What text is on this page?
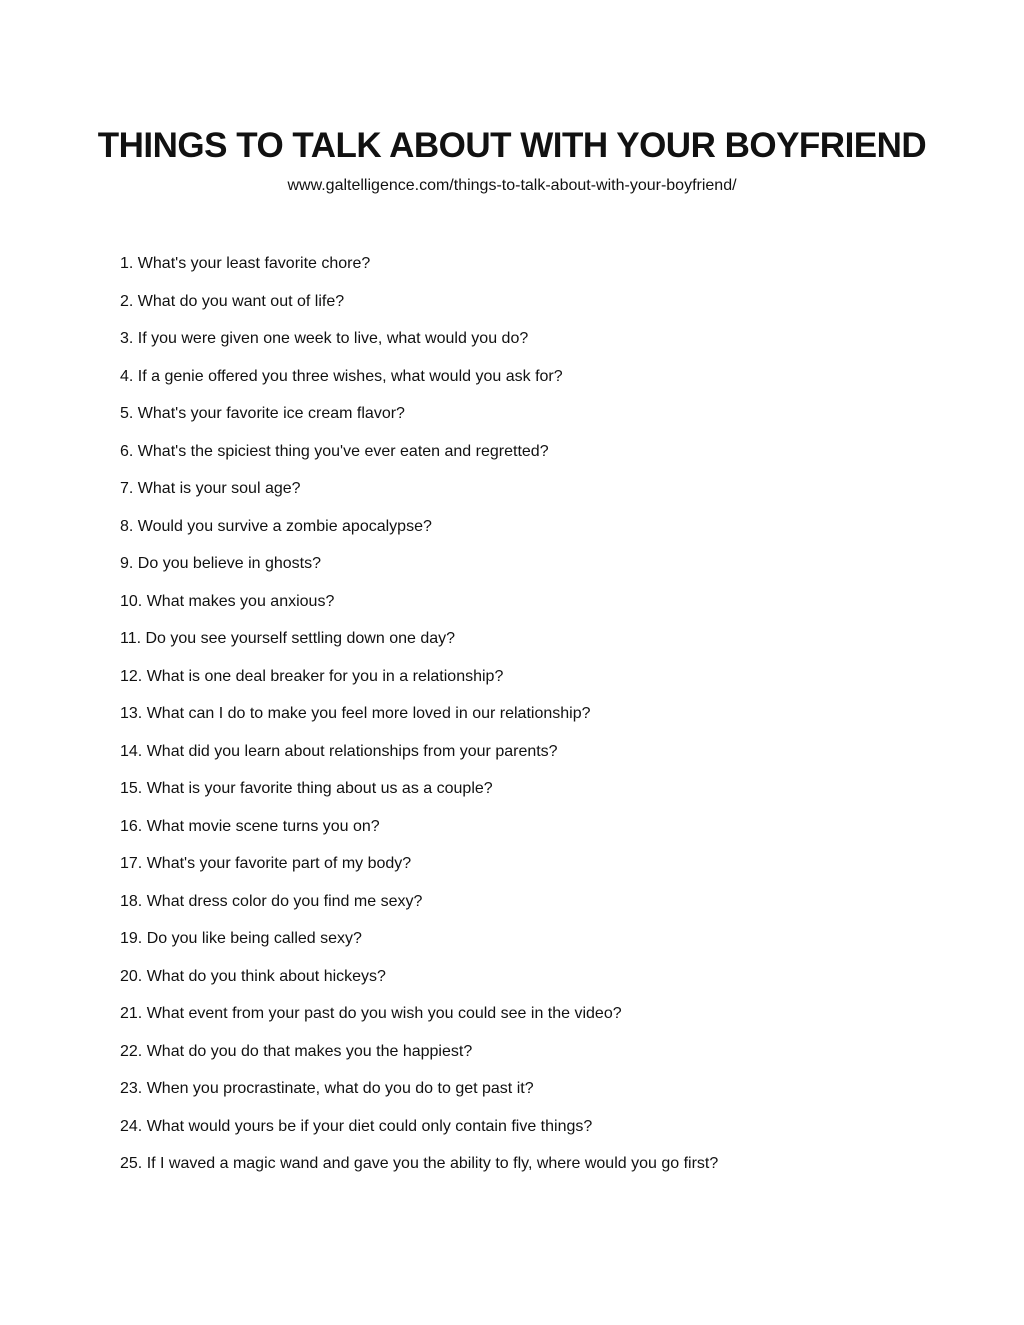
THINGS TO TALK ABOUT WITH YOUR BOYFRIEND
www.galtelligence.com/things-to-talk-about-with-your-boyfriend/
1. What's your least favorite chore?
2. What do you want out of life?
3. If you were given one week to live, what would you do?
4. If a genie offered you three wishes, what would you ask for?
5. What's your favorite ice cream flavor?
6. What's the spiciest thing you've ever eaten and regretted?
7. What is your soul age?
8. Would you survive a zombie apocalypse?
9. Do you believe in ghosts?
10. What makes you anxious?
11. Do you see yourself settling down one day?
12. What is one deal breaker for you in a relationship?
13. What can I do to make you feel more loved in our relationship?
14. What did you learn about relationships from your parents?
15. What is your favorite thing about us as a couple?
16. What movie scene turns you on?
17. What's your favorite part of my body?
18. What dress color do you find me sexy?
19. Do you like being called sexy?
20. What do you think about hickeys?
21. What event from your past do you wish you could see in the video?
22. What do you do that makes you the happiest?
23. When you procrastinate, what do you do to get past it?
24. What would yours be if your diet could only contain five things?
25. If I waved a magic wand and gave you the ability to fly, where would you go first?
